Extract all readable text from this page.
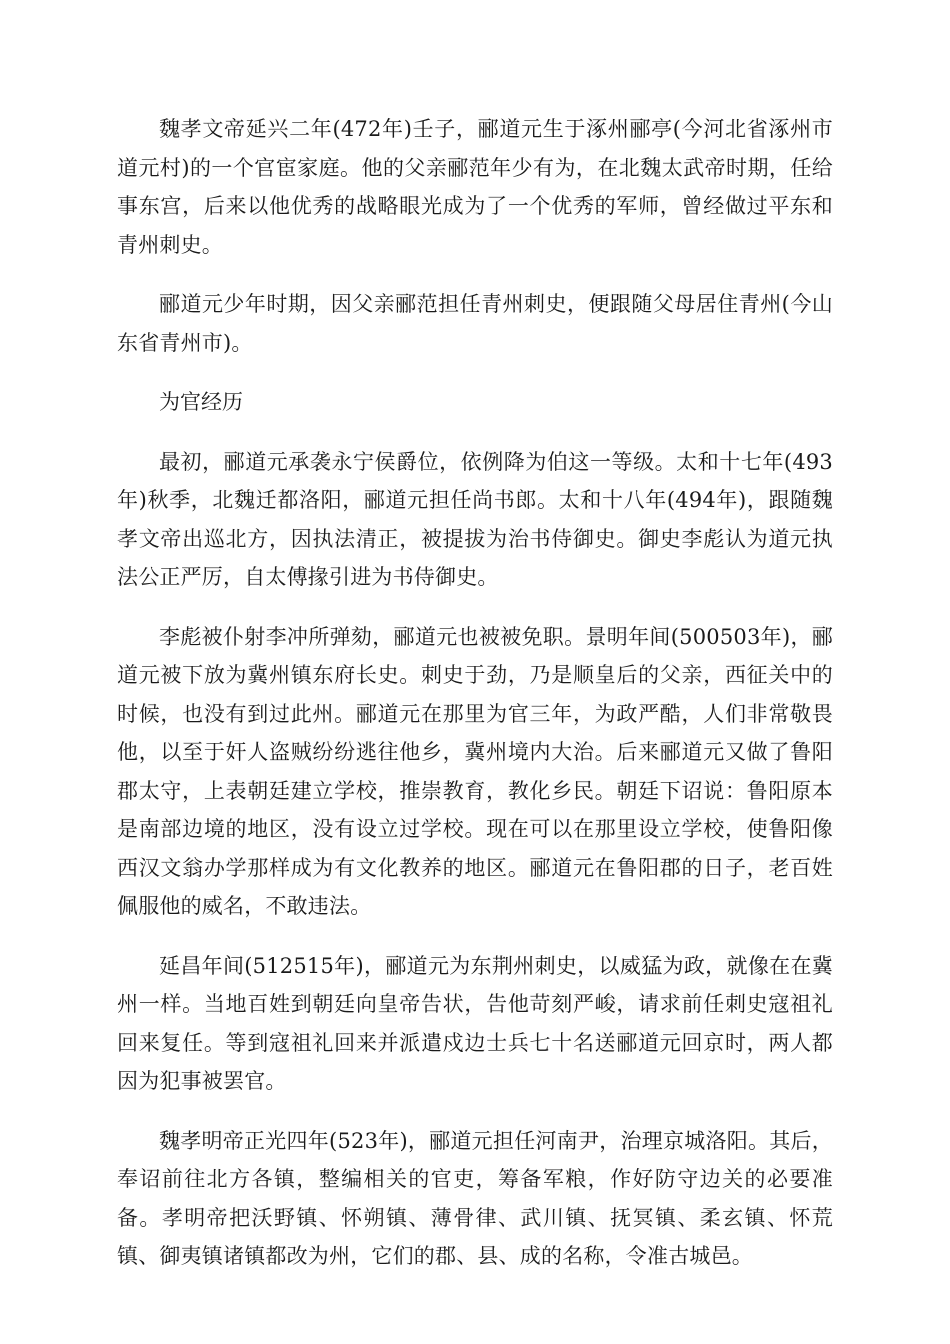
魏孝文帝延兴二年(472年)壬子，郦道元生于涿州郦亭(今河北省涿州市道元村)的一个官宦家庭。他的父亲郦范年少有为，在北魏太武帝时期，任给事东宫，后来以他优秀的战略眼光成为了一个优秀的军师，曾经做过平东和青州刺史。

郦道元少年时期，因父亲郦范担任青州刺史，便跟随父母居住青州(今山东省青州市)。

为官经历

最初，郦道元承袭永宁侯爵位，依例降为伯这一等级。太和十七年(493年)秋季，北魏迁都洛阳，郦道元担任尚书郎。太和十八年(494年)，跟随魏孝文帝出巡北方，因执法清正，被提拔为治书侍御史。御史李彪认为道元执法公正严厉，自太傅掾引进为书侍御史。

李彪被仆射李冲所弹劾，郦道元也被被免职。景明年间(500503年)，郦道元被下放为冀州镇东府长史。刺史于劲，乃是顺皇后的父亲，西征关中的时候，也没有到过此州。郦道元在那里为官三年，为政严酷，人们非常敬畏他，以至于奸人盗贼纷纷逃往他乡，冀州境内大治。后来郦道元又做了鲁阳郡太守，上表朝廷建立学校，推崇教育，教化乡民。朝廷下诏说：鲁阳原本是南部边境的地区，没有设立过学校。现在可以在那里设立学校，使鲁阳像西汉文翁办学那样成为有文化教养的地区。郦道元在鲁阳郡的日子，老百姓佩服他的威名，不敢违法。

延昌年间(512515年)，郦道元为东荆州刺史，以威猛为政，就像在在冀州一样。当地百姓到朝廷向皇帝告状，告他苛刻严峻，请求前任刺史寇祖礼回来复任。等到寇祖礼回来并派遣戍边士兵七十名送郦道元回京时，两人都因为犯事被罢官。

魏孝明帝正光四年(523年)，郦道元担任河南尹，治理京城洛阳。其后，奉诏前往北方各镇，整编相关的官吏，筹备军粮，作好防守边关的必要准备。孝明帝把沃野镇、怀朔镇、薄骨律、武川镇、抚冥镇、柔玄镇、怀荒镇、御夷镇诸镇都改为州，它们的郡、县、成的名称，令准古城邑。
